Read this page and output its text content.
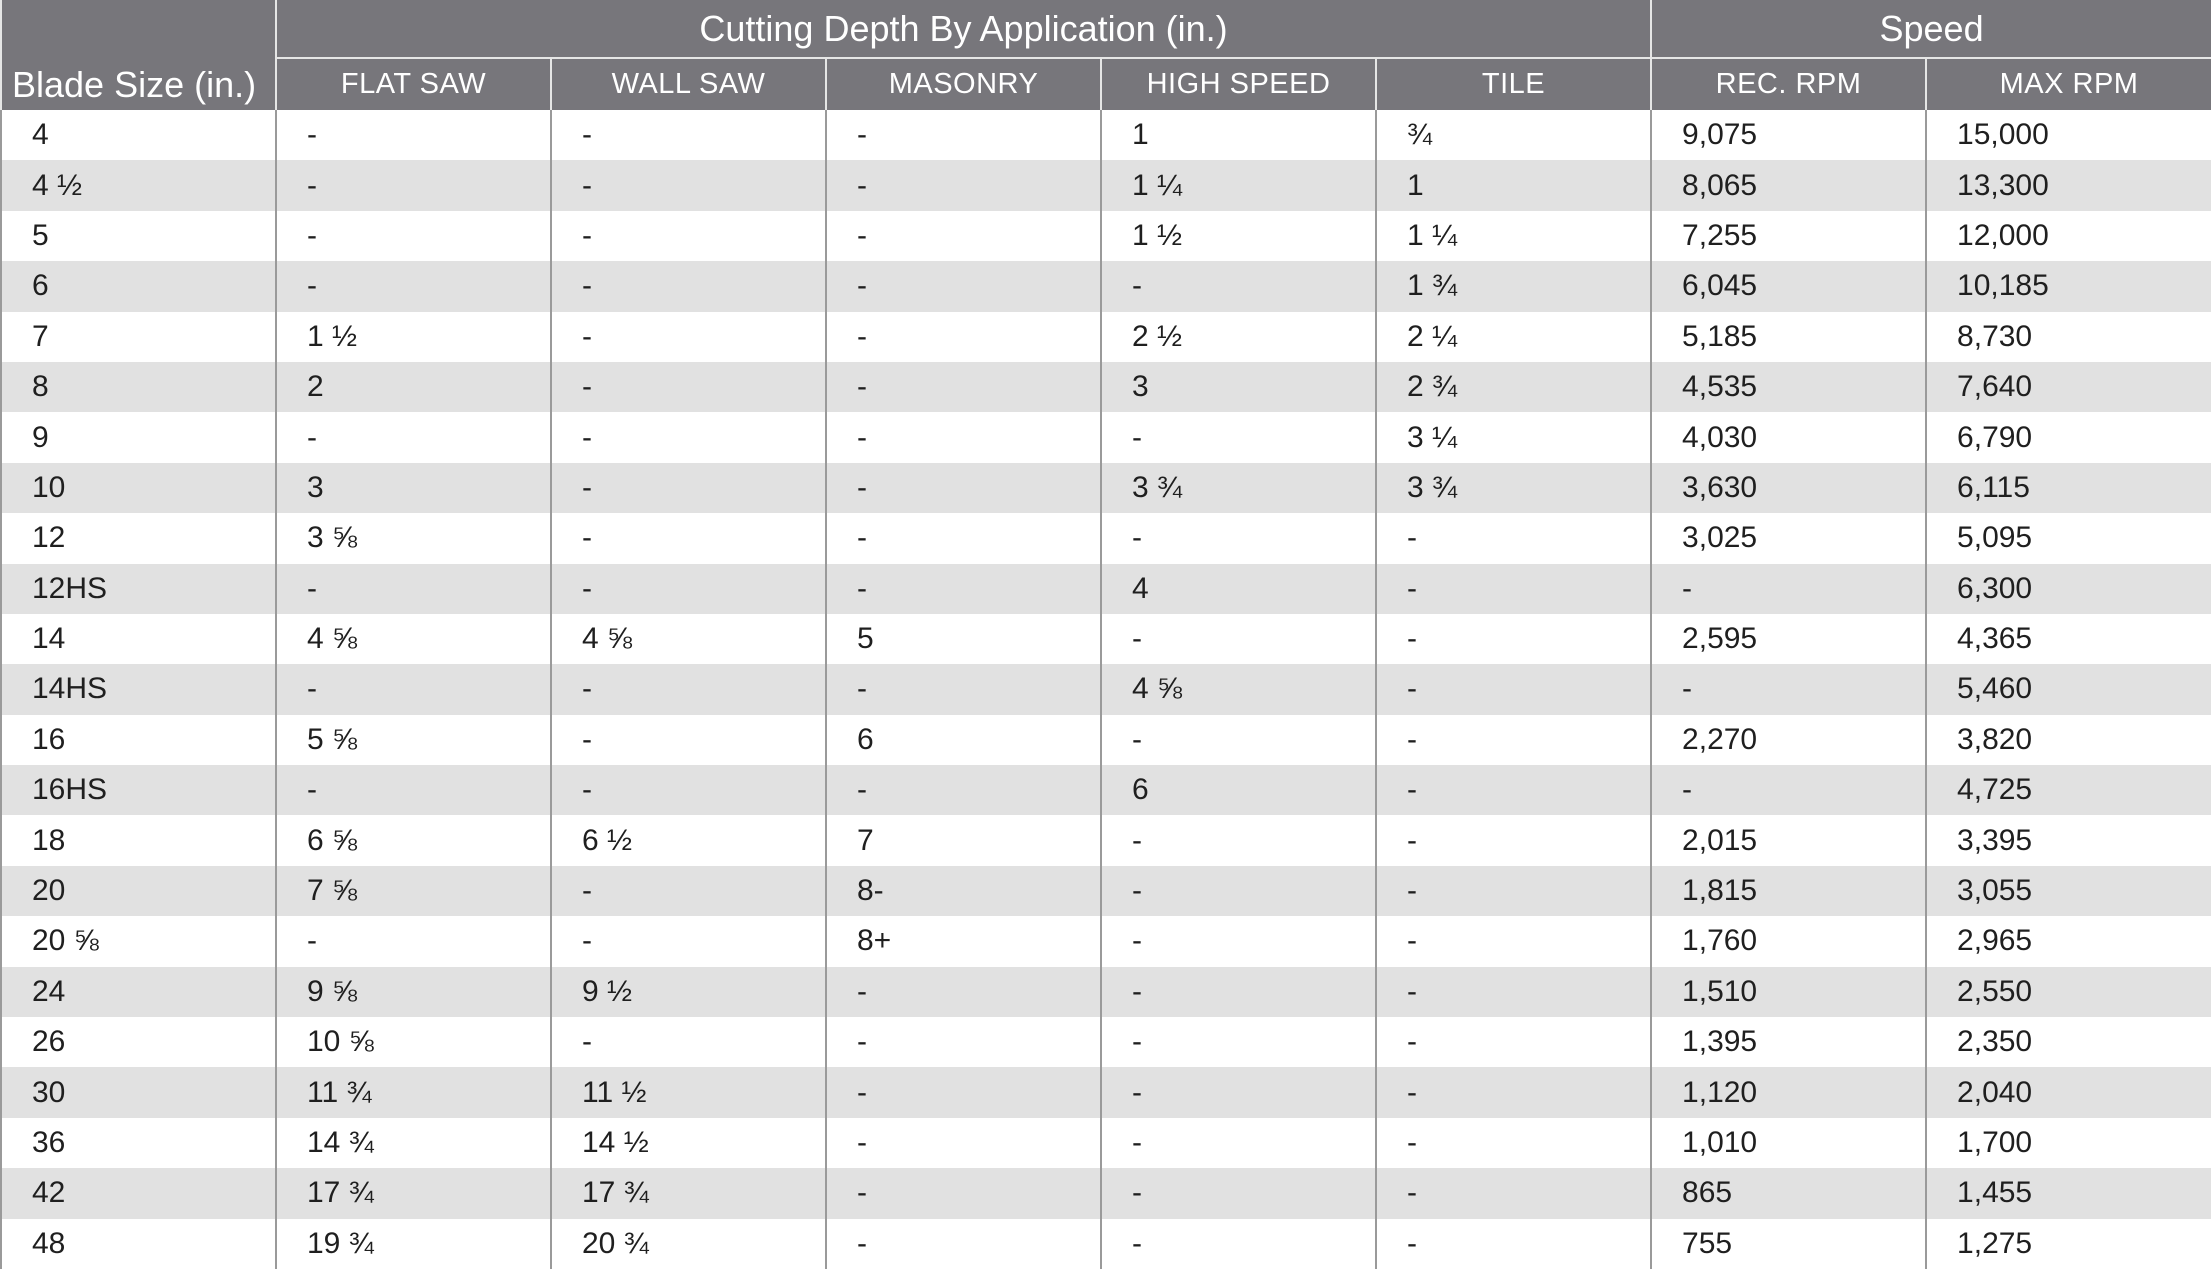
Blade Size (in.)	Cutting Depth By Application (in.)					Speed	
	FLAT SAW	WALL SAW	MASONRY	HIGH SPEED	TILE	REC. RPM	MAX RPM
4	-	-	-	1	¾	9,075	15,000
4 ½	-	-	-	1 ¼	1	8,065	13,300
5	-	-	-	1 ½	1 ¼	7,255	12,000
6	-	-	-	-	1 ¾	6,045	10,185
7	1 ½	-	-	2 ½	2 ¼	5,185	8,730
8	2	-	-	3	2 ¾	4,535	7,640
9	-	-	-	-	3 ¼	4,030	6,790
10	3	-	-	3 ¾	3 ¾	3,630	6,115
12	3 ⅝	-	-	-	-	3,025	5,095
12HS	-	-	-	4	-	-	6,300
14	4 ⅝	4 ⅝	5	-	-	2,595	4,365
14HS	-	-	-	4 ⅝	-	-	5,460
16	5 ⅝	-	6	-	-	2,270	3,820
16HS	-	-	-	6	-	-	4,725
18	6 ⅝	6 ½	7	-	-	2,015	3,395
20	7 ⅝	-	8-	-	-	1,815	3,055
20 ⅝	-	-	8+	-	-	1,760	2,965
24	9 ⅝	9 ½	-	-	-	1,510	2,550
26	10 ⅝	-	-	-	-	1,395	2,350
30	11 ¾	11 ½	-	-	-	1,120	2,040
36	14 ¾	14 ½	-	-	-	1,010	1,700
42	17 ¾	17 ¾	-	-	-	865	1,455
48	19 ¾	20 ¾	-	-	-	755	1,275
